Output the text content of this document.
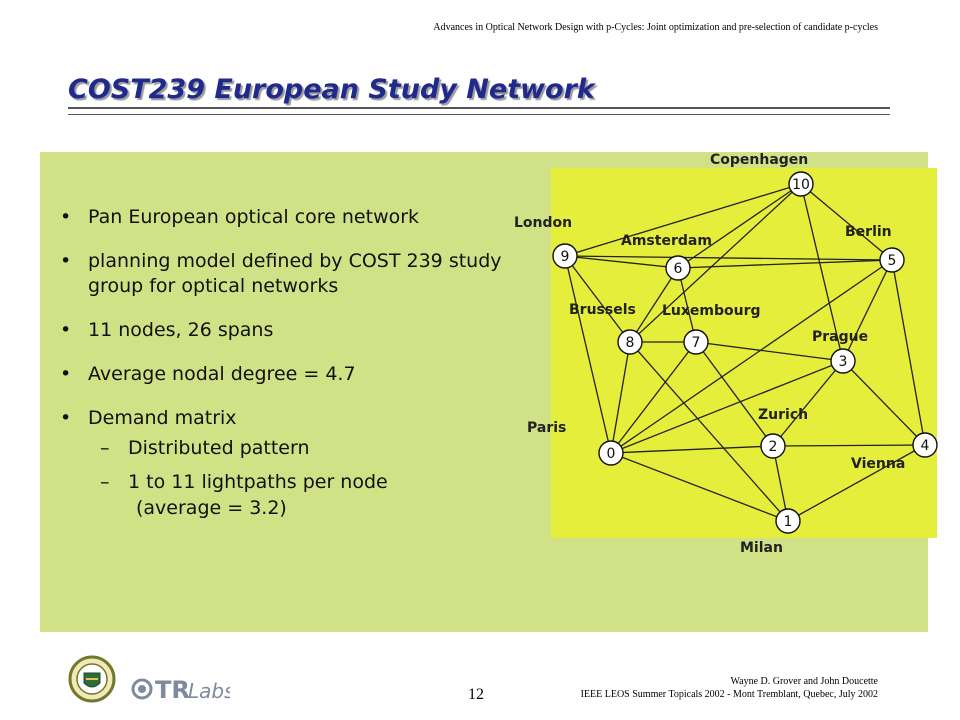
Advances in Optical Network Design with p-Cycles: Joint optimization and pre-selection of candidate p-cycles
COST239 European Study Network
• Pan European optical core network
• planning model defined by COST 239 study group for optical networks
• 11 nodes, 26 spans
• Average nodal degree = 4.7
• Demand matrix
– Distributed pattern
– 1 to 11 lightpaths per node
(average = 3.2)
0
1
2
3
4
5
6
7
8
9
10
Paris
Milan
Zurich
Prague
Vienna
Berlin
Amsterdam
Luxembourg
Brussels
London
Copenhagen
TR
Labs	12
Wayne D. Grover and John Doucette
IEEE LEOS Summer Topicals 2002 - Mont Tremblant, Quebec, July 2002
